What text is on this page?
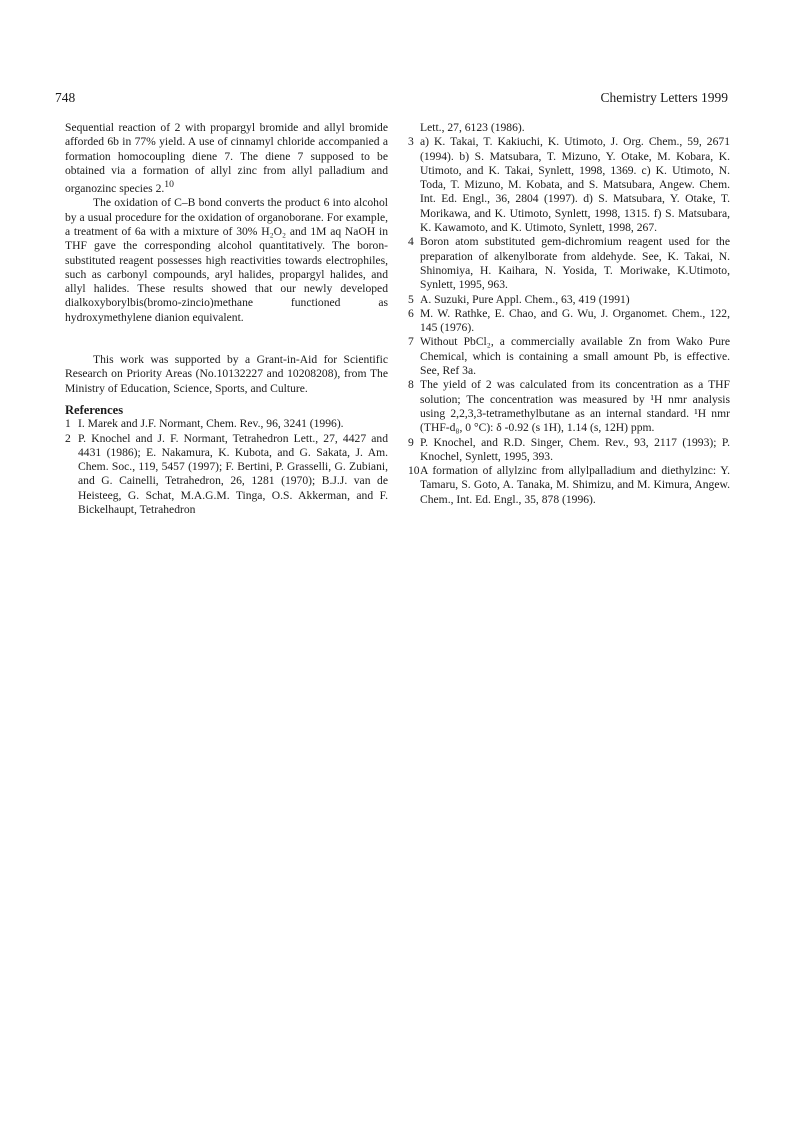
748	Chemistry Letters 1999

Sequential reaction of 2 with propargyl bromide and allyl bromide afforded 6b in 77% yield. A use of cinnamyl chloride accompanied a formation homocoupling diene 7. The diene 7 supposed to be obtained via a formation of allyl zinc from allyl palladium and organozinc species 2.10

The oxidation of C–B bond converts the product 6 into alcohol by a usual procedure for the oxidation of organoborane. For example, a treatment of 6a with a mixture of 30% H₂O₂ and 1M aq NaOH in THF gave the corresponding alcohol quantitatively. The boron-substituted reagent possesses high reactivities towards electrophiles, such as carbonyl compounds, aryl halides, propargyl halides, and allyl halides. These results showed that our newly developed dialkoxyborylbis(bromo-zincio)methane functioned as hydroxymethylene dianion equivalent.

This work was supported by a Grant-in-Aid for Scientific Research on Priority Areas (No.10132227 and 10208208), from The Ministry of Education, Science, Sports, and Culture.

References
1 I. Marek and J.F. Normant, Chem. Rev., 96, 3241 (1996).
2 P. Knochel and J. F. Normant, Tetrahedron Lett., 27, 4427 and 4431 (1986); E. Nakamura, K. Kubota, and G. Sakata, J. Am. Chem. Soc., 119, 5457 (1997); F. Bertini, P. Grasselli, G. Zubiani, and G. Cainelli, Tetrahedron, 26, 1281 (1970); B.J.J. van de Heisteeg, G. Schat, M.A.G.M. Tinga, O.S. Akkerman, and F. Bickelhaupt, Tetrahedron
Lett., 27, 6123 (1986).
3 a) K. Takai, T. Kakiuchi, K. Utimoto, J. Org. Chem., 59, 2671 (1994). b) S. Matsubara, T. Mizuno, Y. Otake, M. Kobara, K. Utimoto, and K. Takai, Synlett, 1998, 1369. c) K. Utimoto, N. Toda, T. Mizuno, M. Kobata, and S. Matsubara, Angew. Chem. Int. Ed. Engl., 36, 2804 (1997). d) S. Matsubara, Y. Otake, T. Morikawa, and K. Utimoto, Synlett, 1998, 1315. f) S. Matsubara, K. Kawamoto, and K. Utimoto, Synlett, 1998, 267.
4 Boron atom substituted gem-dichromium reagent used for the preparation of alkenylborate from aldehyde. See, K. Takai, N. Shinomiya, H. Kaihara, N. Yosida, T. Moriwake, K.Utimoto, Synlett, 1995, 963.
5 A. Suzuki, Pure Appl. Chem., 63, 419 (1991)
6 M. W. Rathke, E. Chao, and G. Wu, J. Organomet. Chem., 122, 145 (1976).
7 Without PbCl₂, a commercially available Zn from Wako Pure Chemical, which is containing a small amount Pb, is effective. See, Ref 3a.
8 The yield of 2 was calculated from its concentration as a THF solution; The concentration was measured by ¹H nmr analysis using 2,2,3,3-tetramethylbutane as an internal standard. ¹H nmr (THF-d₈, 0 °C): δ -0.92 (s 1H), 1.14 (s, 12H) ppm.
9 P. Knochel, and R.D. Singer, Chem. Rev., 93, 2117 (1993); P. Knochel, Synlett, 1995, 393.
10 A formation of allylzinc from allylpalladium and diethylzinc: Y. Tamaru, S. Goto, A. Tanaka, M. Shimizu, and M. Kimura, Angew. Chem., Int. Ed. Engl., 35, 878 (1996).
